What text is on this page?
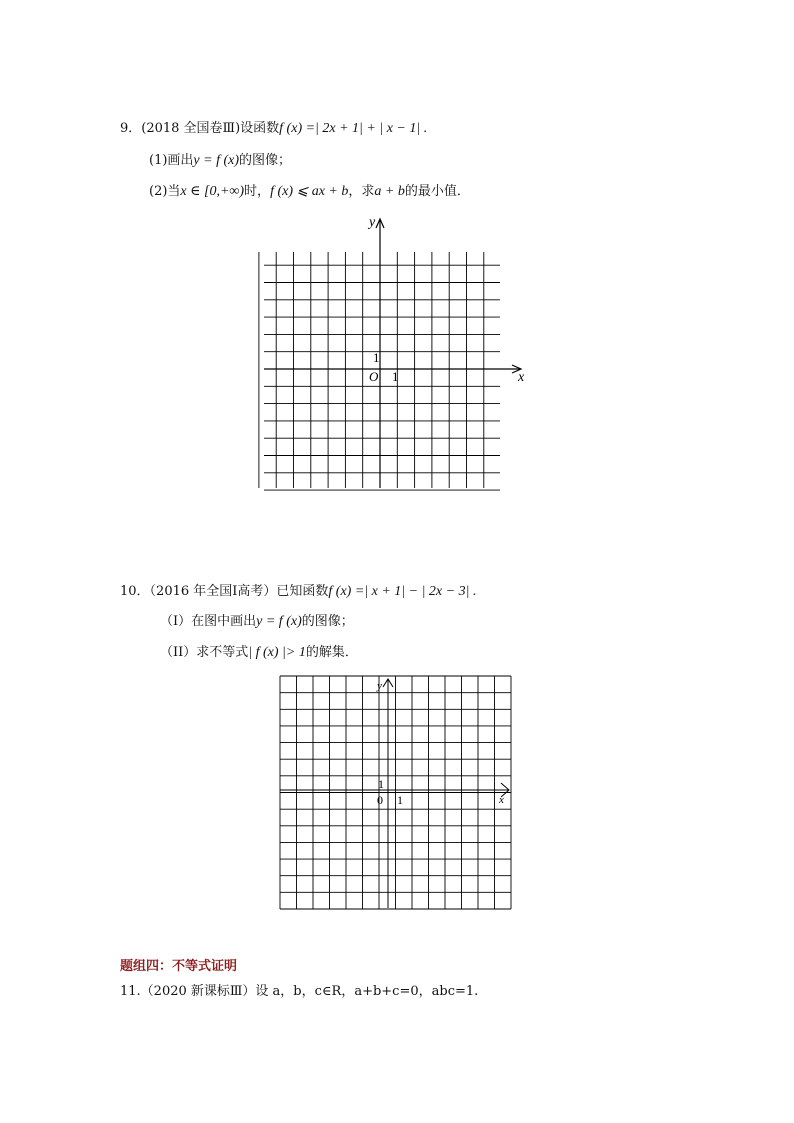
9．(2018 全国卷Ⅲ)设函数f (x) =| 2x + 1| + | x − 1| .
(1)画出y = f (x)的图像；
(2)当x ∈ [0,+∞)时，f (x) ⩽ ax + b，求a + b的最小值．
y
x
O
1
1
10．（2016 年全国Ⅰ高考）已知函数f (x) =| x + 1| − | 2x − 3| .
（I）在图中画出y = f (x)的图像；
（II）求不等式| f (x) |> 1的解集．
y
x
0
1
1
题组四：不等式证明
11.（2020 新课标Ⅲ）设 a，b，c∈R，a+b+c=0，abc=1.
